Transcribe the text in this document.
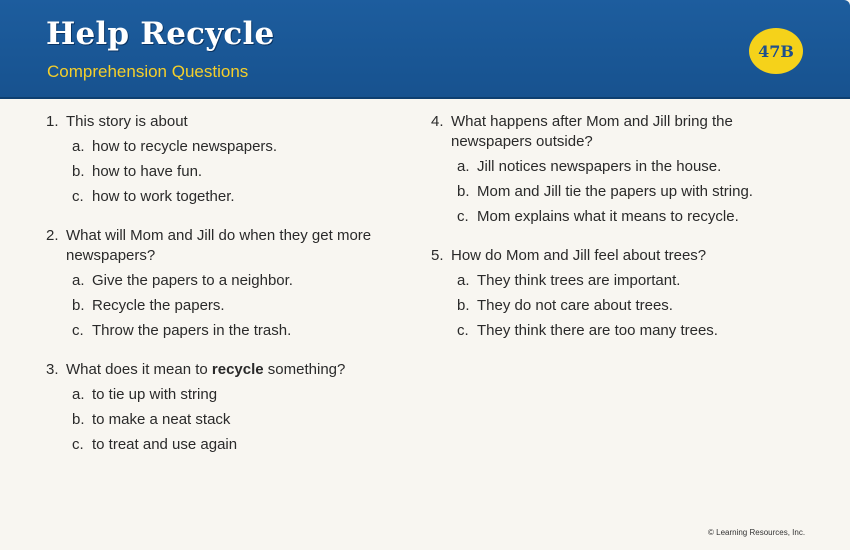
Help Recycle
Comprehension Questions
47B
1. This story is about
a. how to recycle newspapers.
b. how to have fun.
c. how to work together.
2. What will Mom and Jill do when they get more newspapers?
a. Give the papers to a neighbor.
b. Recycle the papers.
c. Throw the papers in the trash.
3. What does it mean to recycle something?
a. to tie up with string
b. to make a neat stack
c. to treat and use again
4. What happens after Mom and Jill bring the newspapers outside?
a. Jill notices newspapers in the house.
b. Mom and Jill tie the papers up with string.
c. Mom explains what it means to recycle.
5. How do Mom and Jill feel about trees?
a. They think trees are important.
b. They do not care about trees.
c. They think there are too many trees.
© Learning Resources, Inc.
